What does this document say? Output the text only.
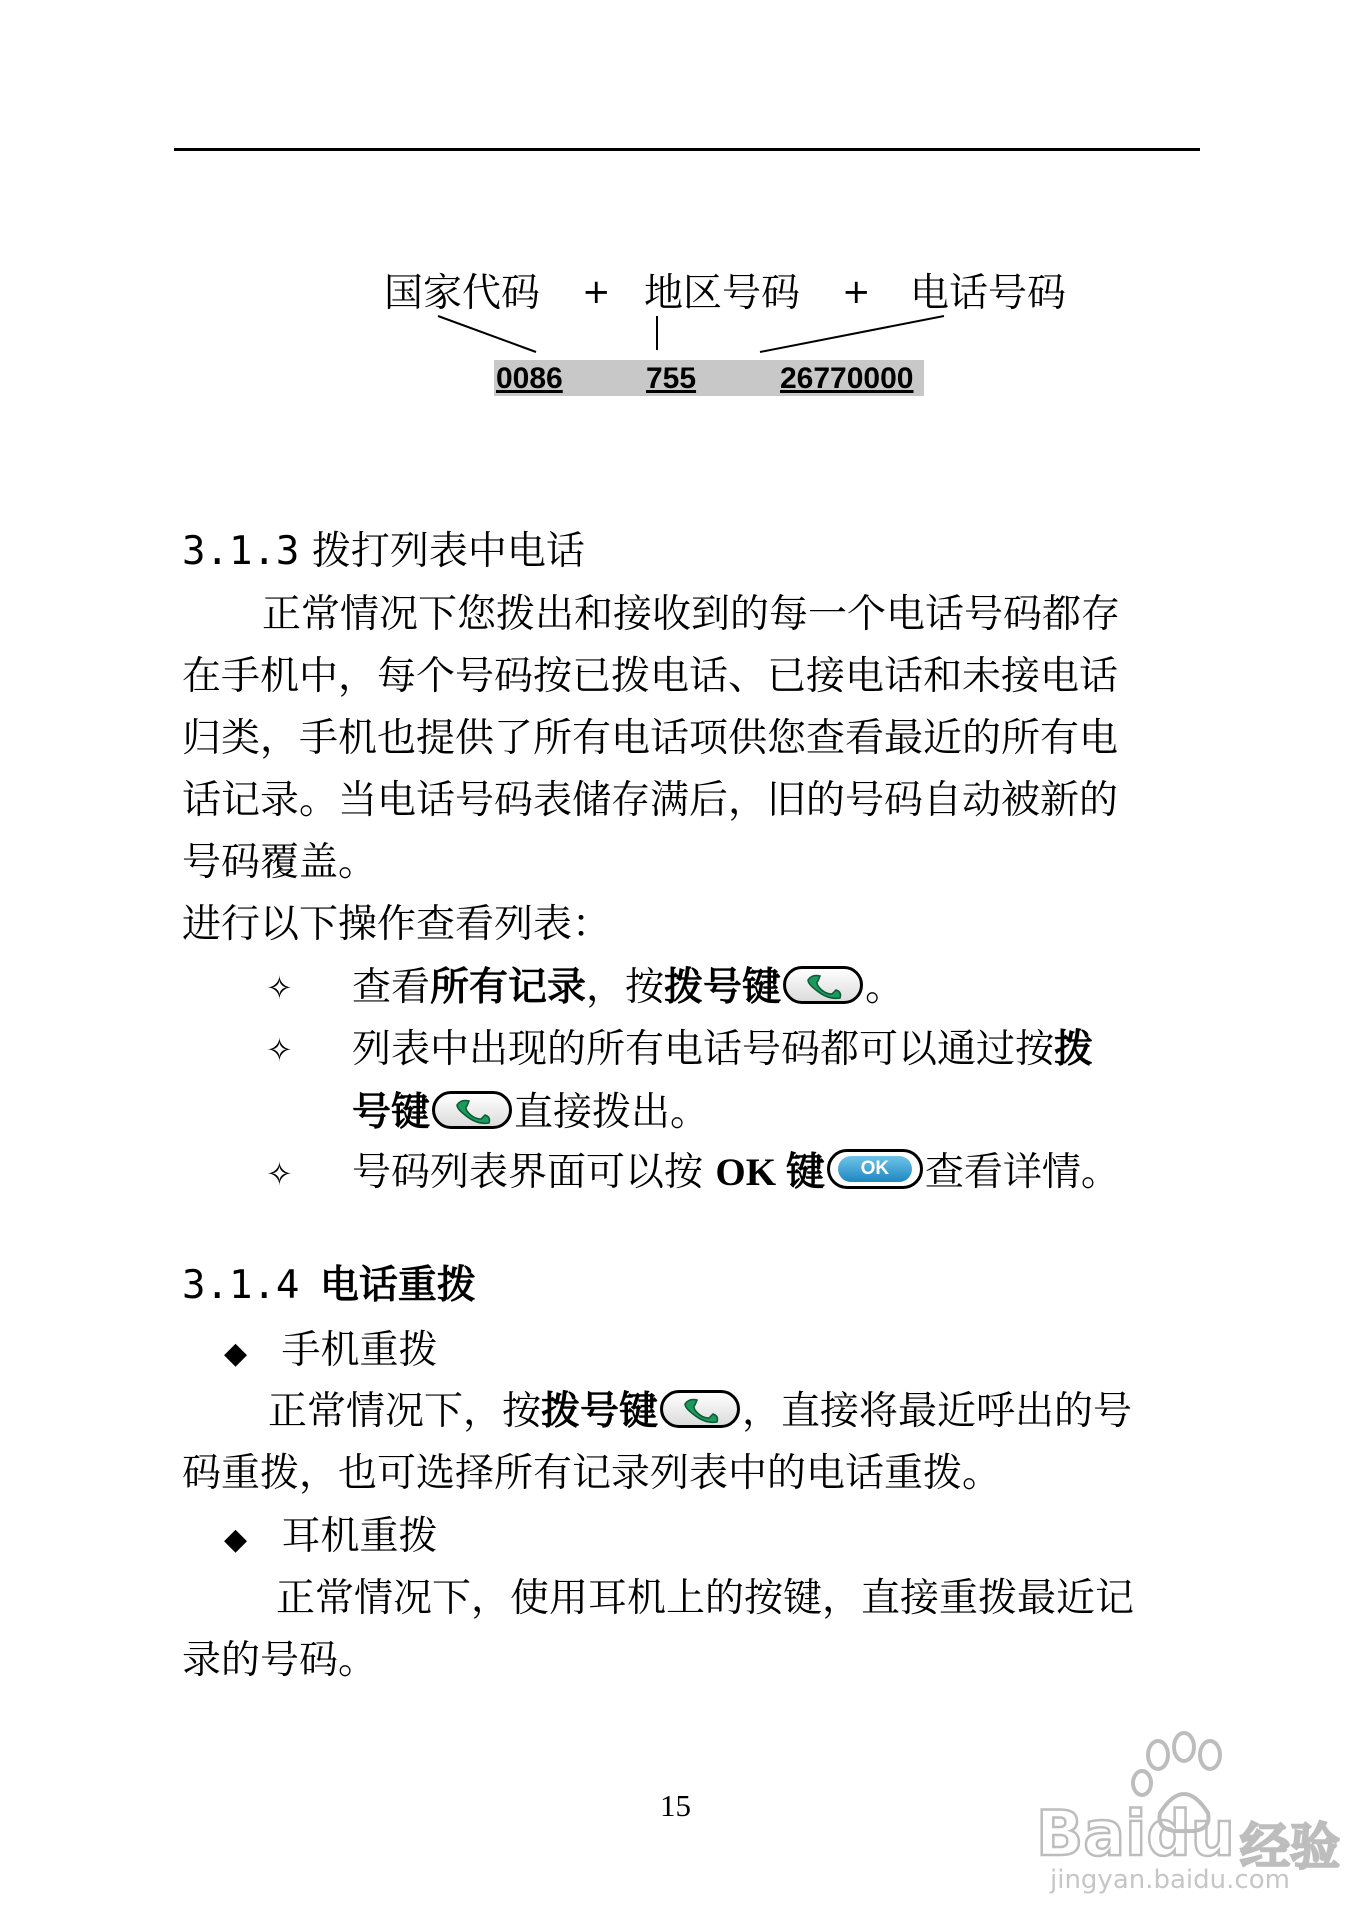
国家代码 + 地区号码 + 电话号码
0086	755	26770000
3.1.3 拨打列表中电话
正常情况下您拨出和接收到的每一个电话号码都存
在手机中，每个号码按已拨电话、已接电话和未接电话
归类，手机也提供了所有电话项供您查看最近的所有电
话记录。当电话号码表储存满后，旧的号码自动被新的
号码覆盖。
进行以下操作查看列表：
✧ 查看所有记录，按拨号键 。
✧ 列表中出现的所有电话号码都可以通过按拨
号键 直接拨出。
✧ 号码列表界面可以按 OK 键	OK 查看详情。
3.1.4 电话重拨
◆ 手机重拨
正常情况下，按拨号键 ，直接将最近呼出的号
码重拨，也可选择所有记录列表中的电话重拨。
◆ 耳机重拨
正常情况下，使用耳机上的按键，直接重拨最近记
录的号码。
15	Baidu 经验
jingyan.baidu.com
